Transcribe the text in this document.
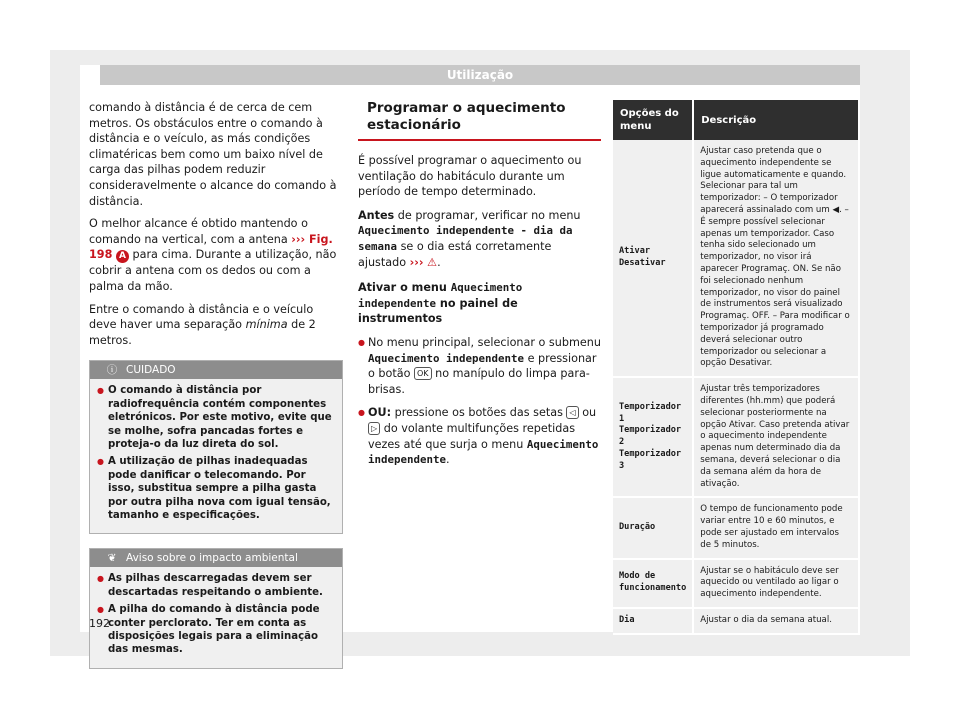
Utilização

comando à distância é de cerca de cem metros. Os obstáculos entre o comando à distância e o veículo, as más condições climatéricas bem como um baixo nível de carga das pilhas podem reduzir consideravelmente o alcance do comando à distância.

O melhor alcance é obtido mantendo o comando na vertical, com a antena ››› Fig. 198 A para cima. Durante a utilização, não cobrir a antena com os dedos ou com a palma da mão.

Entre o comando à distância e o veículo deve haver uma separação mínima de 2 metros.

ⓘ CUIDADO
● O comando à distância por radiofrequência contém componentes eletrónicos. Por este motivo, evite que se molhe, sofra pancadas fortes e proteja-o da luz direta do sol.
● A utilização de pilhas inadequadas pode danificar o telecomando. Por isso, substitua sempre a pilha gasta por outra pilha nova com igual tensão, tamanho e especificações.
❦ Aviso sobre o impacto ambiental
● As pilhas descarregadas devem ser descartadas respeitando o ambiente.
● A pilha do comando à distância pode conter perclorato. Ter em conta as disposições legais para a eliminação das mesmas.
Programar o aquecimento estacionário

É possível programar o aquecimento ou ventilação do habitáculo durante um período de tempo determinado.

Antes de programar, verificar no menu Aquecimento independente - dia da semana se o dia está corretamente ajustado ››› ⚠.

Ativar o menu Aquecimento independente no painel de instrumentos

● No menu principal, selecionar o submenu Aquecimento independente e pressionar o botão OK no manípulo do limpa para-brisas.

● OU: pressione os botões das setas ◁ ou ▷ do volante multifunções repetidas vezes até que surja o menu Aquecimento independente.

Opções do menu	Descrição
Ativar Desativar	Ajustar caso pretenda que o aquecimento independente se ligue automaticamente e quando. Selecionar para tal um temporizador: – O temporizador aparecerá assinalado com um ◀. – É sempre possível selecionar apenas um temporizador. Caso tenha sido selecionado um temporizador, no visor irá aparecer Programaç. ON. Se não foi selecionado nenhum temporizador, no visor do painel de instrumentos será visualizado Programaç. OFF. – Para modificar o temporizador já programado deverá selecionar outro temporizador ou selecionar a opção Desativar.
Temporizador 1 Temporizador 2 Temporizador 3	Ajustar três temporizadores diferentes (hh.mm) que poderá selecionar posteriormente na opção Ativar. Caso pretenda ativar o aquecimento independente apenas num determinado dia da semana, deverá selecionar o dia da semana além da hora de ativação.
Duração	O tempo de funcionamento pode variar entre 10 e 60 minutos, e pode ser ajustado em intervalos de 5 minutos.
Modo de funcionamento	Ajustar se o habitáculo deve ser aquecido ou ventilado ao ligar o aquecimento independente.
Dia	Ajustar o dia da semana atual.
192
